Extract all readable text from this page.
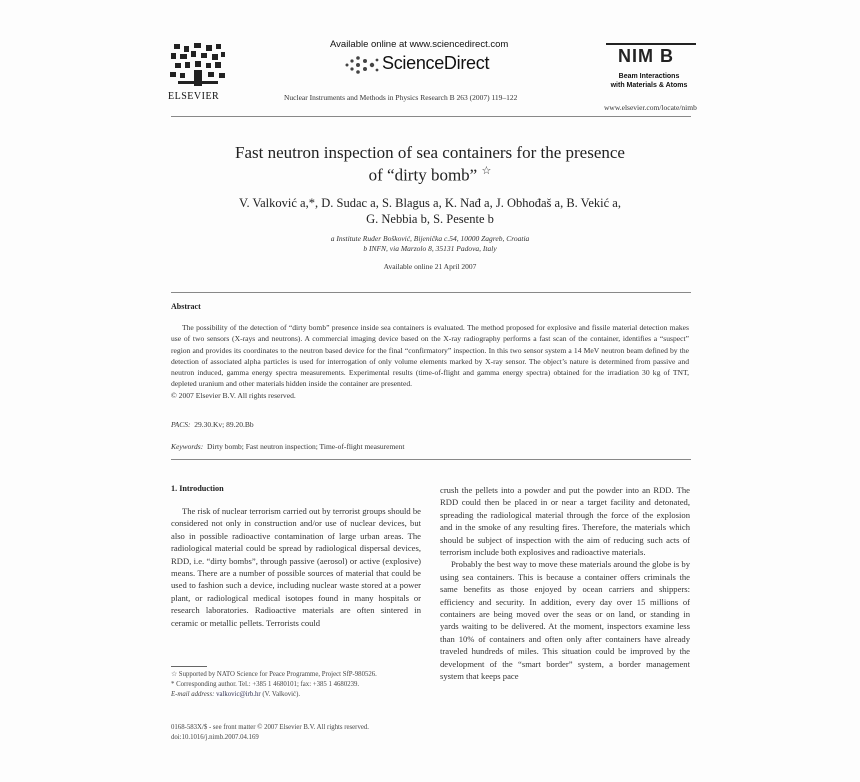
ELSEVIER
Available online at www.sciencedirect.com
ScienceDirect
Nuclear Instruments and Methods in Physics Research B 263 (2007) 119–122
NIM B
Beam Interactions
with Materials & Atoms
www.elsevier.com/locate/nimb
Fast neutron inspection of sea containers for the presence
of “dirty bomb” ☆
V. Valković a,*, D. Sudac a, S. Blagus a, K. Nađ a, J. Obhođaš a, B. Vekić a,
G. Nebbia b, S. Pesente b
a Institute Ruđer Bošković, Bijenička c.54, 10000 Zagreb, Croatia
b INFN, via Marzolo 8, 35131 Padova, Italy
Available online 21 April 2007
Abstract

The possibility of the detection of “dirty bomb” presence inside sea containers is evaluated. The method proposed for explosive and fissile material detection makes use of two sensors (X-rays and neutrons). A commercial imaging device based on the X-ray radiography performs a fast scan of the container, identifies a “suspect” region and provides its coordinates to the neutron based device for the final “confirmatory” inspection. In this two sensor system a 14 MeV neutron beam defined by the detection of associated alpha particles is used for interrogation of only volume elements marked by X-ray sensor. The object’s nature is determined from passive and neutron induced, gamma energy spectra measurements. Experimental results (time-of-flight and gamma energy spectra) obtained for the irradiation 30 kg of TNT, depleted uranium and other materials hidden inside the container are presented.

© 2007 Elsevier B.V. All rights reserved.
PACS: 29.30.Kv; 89.20.Bb
Keywords: Dirty bomb; Fast neutron inspection; Time-of-flight measurement
1. Introduction

The risk of nuclear terrorism carried out by terrorist groups should be considered not only in construction and/or use of nuclear devices, but also in possible radioactive contamination of large urban areas. The radiological material could be spread by radiological dispersal devices, RDD, i.e. “dirty bombs”, through passive (aerosol) or active (explosive) means. There are a number of possible sources of material that could be used to fashion such a device, including nuclear waste stored at a power plant, or radiological medical isotopes found in many hospitals or research laboratories. Radioactive materials are often sintered in ceramic or metallic pellets. Terrorists could

crush the pellets into a powder and put the powder into an RDD. The RDD could then be placed in or near a target facility and detonated, spreading the radiological material through the force of the explosion and in the smoke of any resulting fires. Therefore, the materials which should be subject of inspection with the aim of reducing such acts of terrorism include both explosives and radioactive materials.

Probably the best way to move these materials around the globe is by using sea containers. This is because a container offers criminals the same benefits as those enjoyed by ocean carriers and shippers: efficiency and security. In addition, every day over 15 millions of containers are being moved over the seas or on land, or standing in yards waiting to be delivered. At the moment, inspectors examine less than 10% of containers and often only after containers have already traveled hundreds of miles. This situation could be improved by the development of the “smart border” system, a border management system that keeps pace

☆ Supported by NATO Science for Peace Programme, Project SfP-980526.

* Corresponding author. Tel.: +385 1 4680101; fax: +385 1 4680239.

E-mail address: valkovic@irb.hr (V. Valković).

0168-583X/$ - see front matter © 2007 Elsevier B.V. All rights reserved.

doi:10.1016/j.nimb.2007.04.169
